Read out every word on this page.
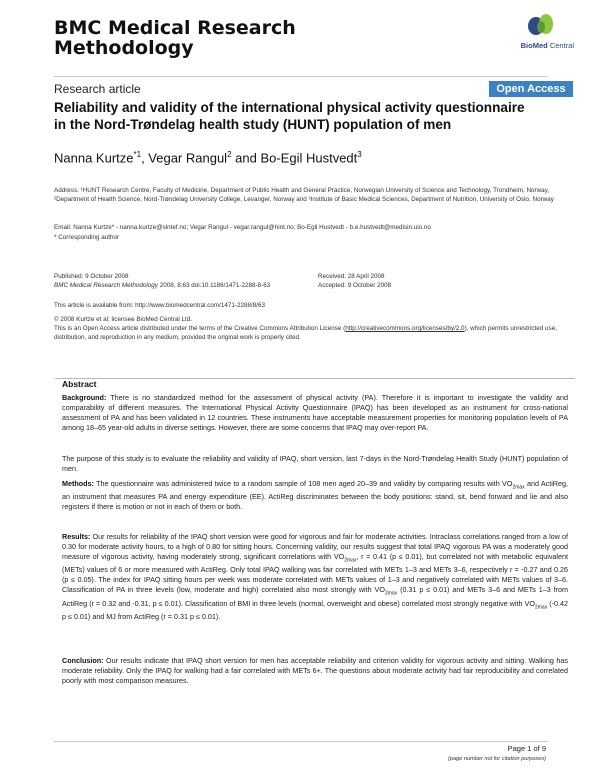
BMC Medical Research
Methodology	BioMed Central
Research article	Open Access
Reliability and validity of the international physical activity questionnaire in the Nord-Trøndelag health study (HUNT) population of men
Nanna Kurtze$^{*1}$, Vegar Rangul$^2$ and Bo-Egil Hustvedt$^3$
Address: ¹HUNT Research Centre, Faculty of Medicine, Department of Public Health and General Practice, Norwegian University of Science and Technology, Trondheim, Norway, ²Department of Health Science, Nord-Trøndelag University College, Levanger, Norway and ³Institute of Basic Medical Sciences, Department of Nutrition, University of Oslo, Norway
Email: Nanna Kurtze* - nanna.kurtze@sintef.no; Vegar Rangul - vegar.rangul@hint.no; Bo-Egil Hustvedt - b.e.hustvedt@medisin.uio.no
* Corresponding author
Published: 9 October 2008
BMC Medical Research Methodology 2008, 8:63 doi:10.1186/1471-2288-8-63
Received: 28 April 2008
Accepted: 9 October 2008
This article is available from: http://www.biomedcentral.com/1471-2288/8/63
© 2008 Kurtze et al; licensee BioMed Central Ltd.
This is an Open Access article distributed under the terms of the Creative Commons Attribution License (http://creativecommons.org/licenses/by/2.0), which permits unrestricted use, distribution, and reproduction in any medium, provided the original work is properly cited.
Abstract
Background: There is no standardized method for the assessment of physical activity (PA). Therefore it is important to investigate the validity and comparability of different measures. The International Physical Activity Questionnaire (IPAQ) has been developed as an instrument for cross-national assessment of PA and has been validated in 12 countries. These instruments have acceptable measurement properties for monitoring population levels of PA among 18–65 year-old adults in diverse settings. However, there are some concerns that IPAQ may over-report PA.
The purpose of this study is to evaluate the reliability and validity of IPAQ, short version, last 7-days in the Nord-Trøndelag Health Study (HUNT) population of men.
Methods: The questionnaire was administered twice to a random sample of 108 men aged 20–39 and validity by comparing results with $VO_{2max}$ and ActiReg, an instrument that measures PA and energy expenditure (EE). ActiReg discriminates between the body positions: stand, sit, bend forward and lie and also registers if there is motion or not in each of them or both.
Results: Our results for reliability of the IPAQ short version were good for vigorous and fair for moderate activities. Intraclass correlations ranged from a low of 0.30 for moderate activity hours, to a high of 0.80 for sitting hours. Concerning validity, our results suggest that total IPAQ vigorous PA was a moderately good measure of vigorous activity, having moderately strong, significant correlations with $VO_{2max}$, r = 0.41 (p ≤ 0.01), but correlated not with metabolic equivalent (METs) values of 6 or more measured with ActiReg. Only total IPAQ walking was fair correlated with METs 1–3 and METs 3–6, respectively r = -0.27 and 0.26 (p ≤ 0.05). The index for IPAQ sitting hours per week was moderate correlated with METs values of 1–3 and negatively correlated with METs values of 3–6. Classification of PA in three levels (low, moderate and high) correlated also most strongly with $VO_{2max}$ (0.31 p ≤ 0.01) and METs 3–6 and METs 1–3 from ActiReg (r = 0.32 and -0.31, p ≤ 0.01). Classification of BMI in three levels (normal, overweight and obese) correlated most strongly negative with $VO_{2max}$ (-0.42 p ≤ 0.01) and MJ from ActiReg (r = 0.31 p ≤ 0.01).
Conclusion: Our results indicate that IPAQ short version for men has acceptable reliability and criterion validity for vigorous activity and sitting. Walking has moderate reliability. Only the IPAQ for walking had a fair correlated with METs 6+. The questions about moderate activity had fair reproducibility and correlated poorly with most comparison measures.
Page 1 of 9
(page number not for citation purposes)
